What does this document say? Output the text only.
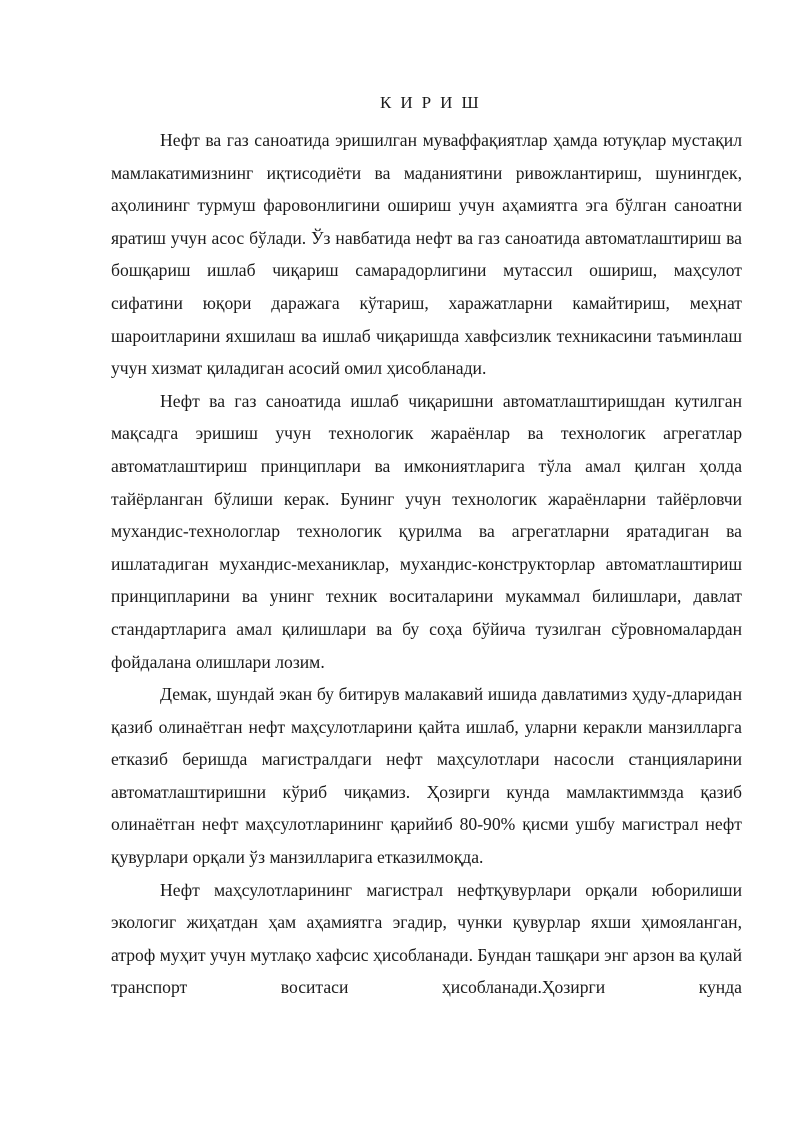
К И Р И Ш

Нефт ва газ саноатида эришилган муваффақиятлар ҳамда ютуқлар мустақил мамлакатимизнинг иқтисодиёти ва маданиятини ривожлантириш, шунингдек, аҳолининг турмуш фаровонлигини ошириш учун аҳамиятга эга бўлган саноатни яратиш учун асос бўлади. Ўз навбатида нефт ва газ саноатида автоматлаштириш ва бошқариш ишлаб чиқариш самарадорлигини мутассил ошириш, маҳсулот сифатини юқори даражага кўтариш, харажатларни камайтириш, меҳнат шароитларини яхшилаш ва ишлаб чиқаришда хавфсизлик техникасини таъминлаш учун хизмат қиладиган асосий омил ҳисобланади.

Нефт ва газ саноатида ишлаб чиқаришни автоматлаштиришдан кутилган мақсадга эришиш учун технологик жараёнлар ва технологик агрегатлар автоматлаштириш принциплари ва имкониятларига тўла амал қилган ҳолда тайёрланган бўлиши керак. Бунинг учун технологик жараёнларни тайёрловчи мухандис-технологлар технологик қурилма ва агрегатларни яратадиган ва ишлатадиган мухандис-механиклар, мухандис-конструкторлар автоматлаштириш принципларини ва унинг техник воситаларини мукаммал билишлари, давлат стандартларига амал қилишлари ва бу соҳа бўйича тузилган сўровномалардан фойдалана олишлари лозим.

Демак, шундай экан бу битирув малакавий ишида давлатимиз ҳуду-дларидан қазиб олинаётган нефт маҳсулотларини қайта ишлаб, уларни керакли манзилларга етказиб беришда магистралдаги нефт маҳсулотлари насосли станцияларини автоматлаштиришни кўриб чиқамиз. Ҳозирги кунда мамлактиммзда қазиб олинаётган нефт маҳсулотларининг қарийиб 80-90% қисми ушбу магистрал нефт қувурлари орқали ўз манзилларига етказилмоқда.

Нефт маҳсулотларининг магистрал нефтқувурлари орқали юборилиши экологиг жиҳатдан ҳам аҳамиятга эгадир, чунки қувурлар яхши ҳимояланган, атроф муҳит учун мутлақо хафсис ҳисобланади. Бундан ташқари энг арзон ва қулай транспорт воситаси ҳисобланади.Ҳозирги кунда
